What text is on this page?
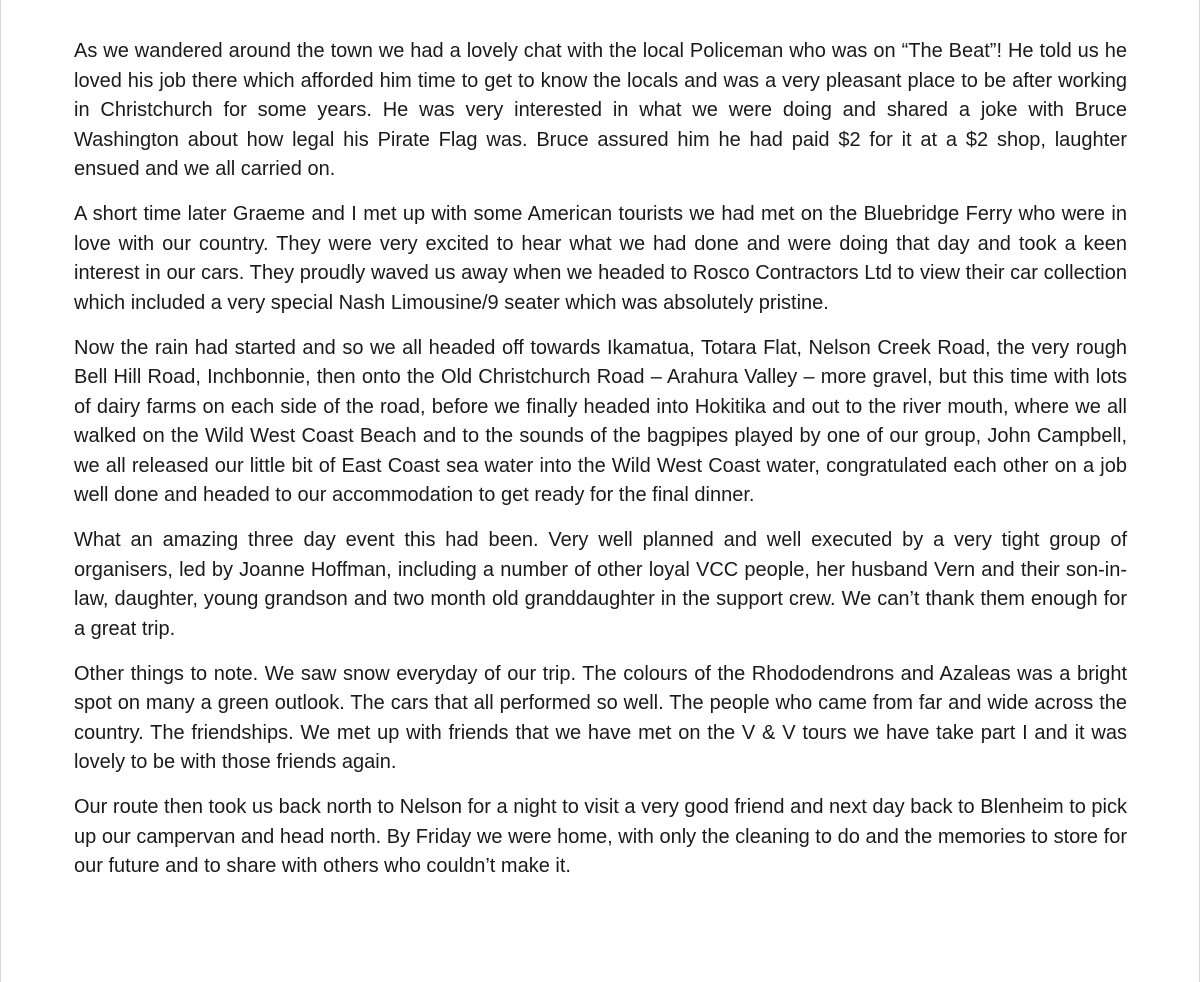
As we wandered around the town we had a lovely chat with the local Policeman who was on “The Beat”! He told us he loved his job there which afforded him time to get to know the locals and was a very pleasant place to be after working in Christchurch for some years. He was very interested in what we were doing and shared a joke with Bruce Washington about how legal his Pirate Flag was. Bruce assured him he had paid $2 for it at a $2 shop, laughter ensued and we all carried on.

A short time later Graeme and I met up with some American tourists we had met on the Bluebridge Ferry who were in love with our country. They were very excited to hear what we had done and were doing that day and took a keen interest in our cars. They proudly waved us away when we headed to Rosco Contractors Ltd to view their car collection which included a very special Nash Limousine/9 seater which was absolutely pristine.

Now the rain had started and so we all headed off towards Ikamatua, Totara Flat, Nelson Creek Road, the very rough Bell Hill Road, Inchbonnie, then onto the Old Christchurch Road – Arahura Valley – more gravel, but this time with lots of dairy farms on each side of the road, before we finally headed into Hokitika and out to the river mouth, where we all walked on the Wild West Coast Beach and to the sounds of the bagpipes played by one of our group, John Campbell, we all released our little bit of East Coast sea water into the Wild West Coast water, congratulated each other on a job well done and headed to our accommodation to get ready for the final dinner.

What an amazing three day event this had been. Very well planned and well executed by a very tight group of organisers, led by Joanne Hoffman, including a number of other loyal VCC people, her husband Vern and their son-in-law, daughter, young grandson and two month old granddaughter in the support crew. We can’t thank them enough for a great trip.

Other things to note. We saw snow everyday of our trip. The colours of the Rhododendrons and Azaleas was a bright spot on many a green outlook. The cars that all performed so well. The people who came from far and wide across the country. The friendships. We met up with friends that we have met on the V & V tours we have take part I and it was lovely to be with those friends again.

Our route then took us back north to Nelson for a night to visit a very good friend and next day back to Blenheim to pick up our campervan and head north. By Friday we were home, with only the cleaning to do and the memories to store for our future and to share with others who couldn’t make it.
